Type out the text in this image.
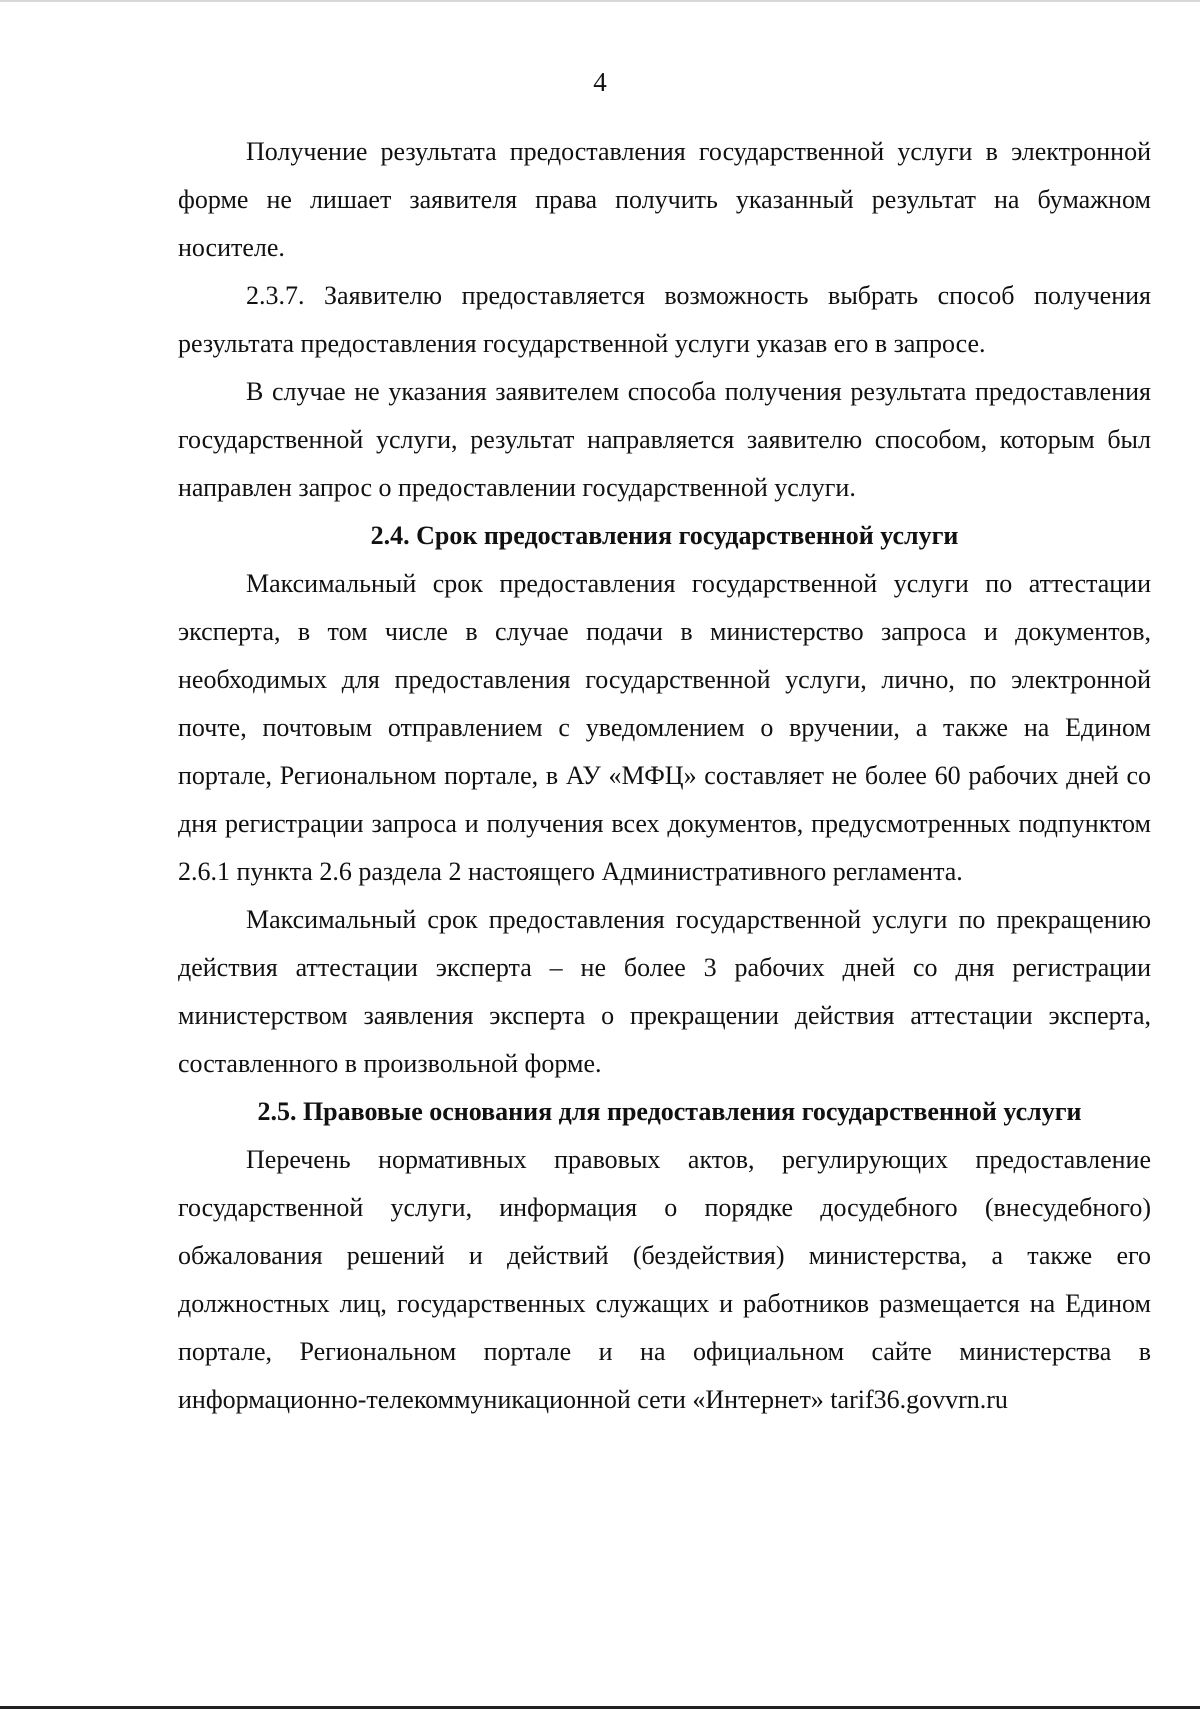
4

Получение результата предоставления государственной услуги в электронной форме не лишает заявителя права получить указанный результат на бумажном носителе.

2.3.7. Заявителю предоставляется возможность выбрать способ получения результата предоставления государственной услуги указав его в запросе.

В случае не указания заявителем способа получения результата предоставления государственной услуги, результат направляется заявителю способом, которым был направлен запрос о предоставлении государственной услуги.

2.4. Срок предоставления государственной услуги

Максимальный срок предоставления государственной услуги по аттестации эксперта, в том числе в случае подачи в министерство запроса и документов, необходимых для предоставления государственной услуги, лично, по электронной почте, почтовым отправлением с уведомлением о вручении, а также на Едином портале, Региональном портале, в АУ «МФЦ» составляет не более 60 рабочих дней со дня регистрации запроса и получения всех документов, предусмотренных подпунктом 2.6.1 пункта 2.6 раздела 2 настоящего Административного регламента.

Максимальный срок предоставления государственной услуги по прекращению действия аттестации эксперта – не более 3 рабочих дней со дня регистрации министерством заявления эксперта о прекращении действия аттестации эксперта, составленного в произвольной форме.

2.5. Правовые основания для предоставления государственной услуги

Перечень нормативных правовых актов, регулирующих предоставление государственной услуги, информация о порядке досудебного (внесудебного) обжалования решений и действий (бездействия) министерства, а также его должностных лиц, государственных служащих и работников размещается на Едином портале, Региональном портале и на официальном сайте министерства в информационно-телекоммуникационной сети «Интернет» tarif36.govvrn.ru
